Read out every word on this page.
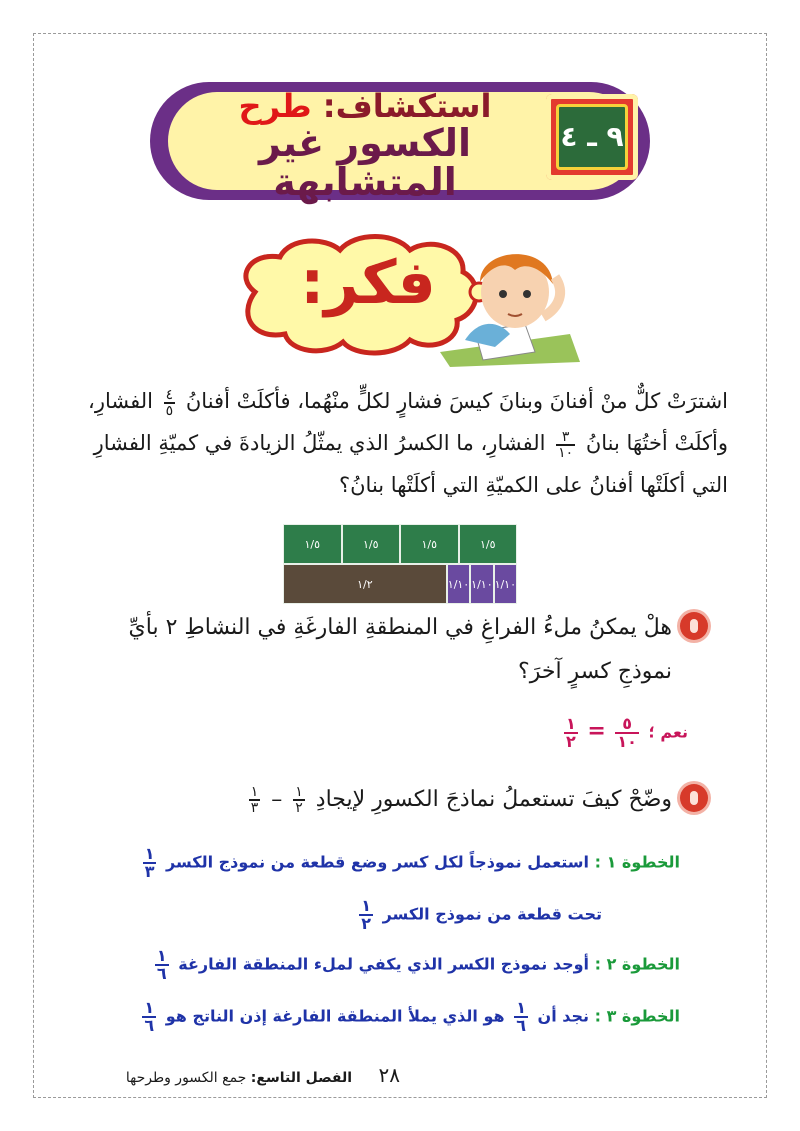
استكشاف: طرح
الكسور غير المتشابهة
٩ ـ ٤
فكر:
اشترَتْ كلٌّ منْ أفنانَ وبنانَ كيسَ فشارٍ لكلٍّ منْهُما، فأكلَتْ أفنانُ
$\frac{٤}{٥}$
الفشارِ،
وأكلَتْ أختُهَا بنانُ
$\frac{٣}{١٠}$
الفشارِ، ما الكسرُ الذي يمثّلُ الزيادةَ في كميّةِ الفشارِ
التي أكلَتْها أفنانُ على الكميّةِ التي أكلَتْها بنانُ؟
١/٥	١/٥	١/٥	١/٥
١/٢	١/١٠ ١/١٠ ١/١٠
هلْ يمكنُ ملءُ الفراغِ في المنطقةِ الفارغَةِ في النشاطِ ٢ بأيِّ
نموذجِ كسرٍ آخرَ؟
نعم ؛
$\frac{٥}{١٠}$
=
$\frac{١}{٢}$
وضّحْ كيفَ تستعملُ نماذجَ الكسورِ لإيجادِ
$\frac{١}{٢}$
–
$\frac{١}{٣}$
الخطوة ١ : استعمل نموذجاً لكل كسر وضع قطعة من نموذج الكسر
$\frac{١}{٣}$
تحت قطعة من نموذج الكسر
$\frac{١}{٢}$
الخطوة ٢ : أوجد نموذج الكسر الذي يكفي لملء المنطقة الفارغة
$\frac{١}{٦}$
الخطوة ٣ : نجد أن
$\frac{١}{٦}$
هو الذي يملأ المنطقة الفارغة إذن الناتج هو
$\frac{١}{٦}$
٢٨ الفصل التاسع: جمع الكسور وطرحها
